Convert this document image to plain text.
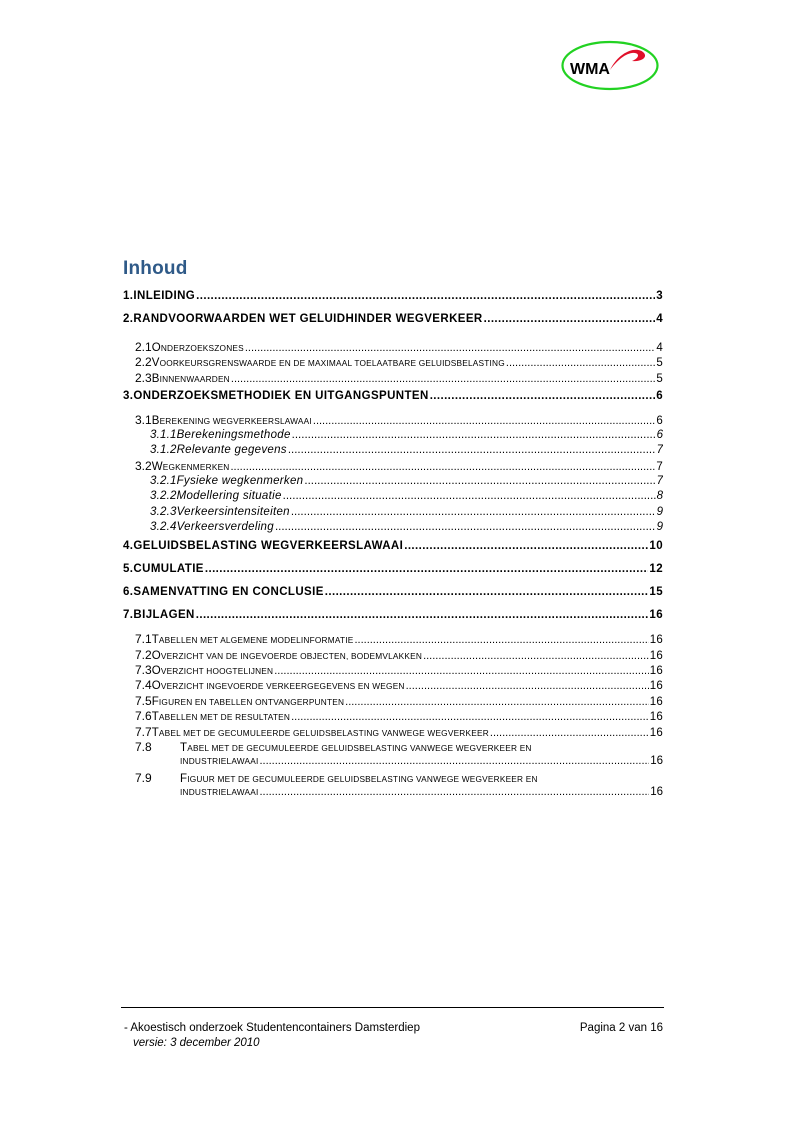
WMA
Inhoud
1. INLEIDING .....	3
2. RANDVOORWAARDEN WET GELUIDHINDER WEGVERKEER .....	4
2.1 ONDERZOEKSZONES .....	4
2.2 VOORKEURSGRENSWAARDE EN DE MAXIMAAL TOELAATBARE GELUIDSBELASTING .....	5
2.3 BINNENWAARDEN .....	5
3. ONDERZOEKSMETHODIEK EN UITGANGSPUNTEN .....	6
3.1 BEREKENING WEGVERKEERSLAWAAI .....	6
3.1.1 Berekeningsmethode .....	6
3.1.2 Relevante gegevens .....	7
3.2 WEGKENMERKEN .....	7
3.2.1 Fysieke wegkenmerken .....	7
3.2.2 Modellering situatie .....	8
3.2.3 Verkeersintensiteiten .....	9
3.2.4 Verkeersverdeling .....	9
4. GELUIDSBELASTING WEGVERKEERSLAWAAI .....	10
5. CUMULATIE .....	12
6. SAMENVATTING EN CONCLUSIE .....	15
7. BIJLAGEN .....	16
7.1 TABELLEN MET ALGEMENE MODELINFORMATIE .....	16
7.2 OVERZICHT VAN DE INGEVOERDE OBJECTEN, BODEMVLAKKEN .....	16
7.3 OVERZICHT HOOGTELIJNEN .....	16
7.4 OVERZICHT INGEVOERDE VERKEERGEGEVENS EN WEGEN .....	16
7.5 FIGUREN EN TABELLEN ONTVANGERPUNTEN .....	16
7.6 TABELLEN MET DE RESULTATEN .....	16
7.7 TABEL MET DE GECUMULEERDE GELUIDSBELASTING VANWEGE WEGVERKEER .....	16
7.8	TABEL MET DE GECUMULEERDE GELUIDSBELASTING VANWEGE WEGVERKEER EN
INDUSTRIELAWAAI .....	16
7.9	FIGUUR MET DE GECUMULEERDE GELUIDSBELASTING VANWEGE WEGVERKEER EN
INDUSTRIELAWAAI .....	16
- Akoestisch onderzoek Studentencontainers Damsterdiep	Pagina 2 van 16
versie: 3 december 2010
